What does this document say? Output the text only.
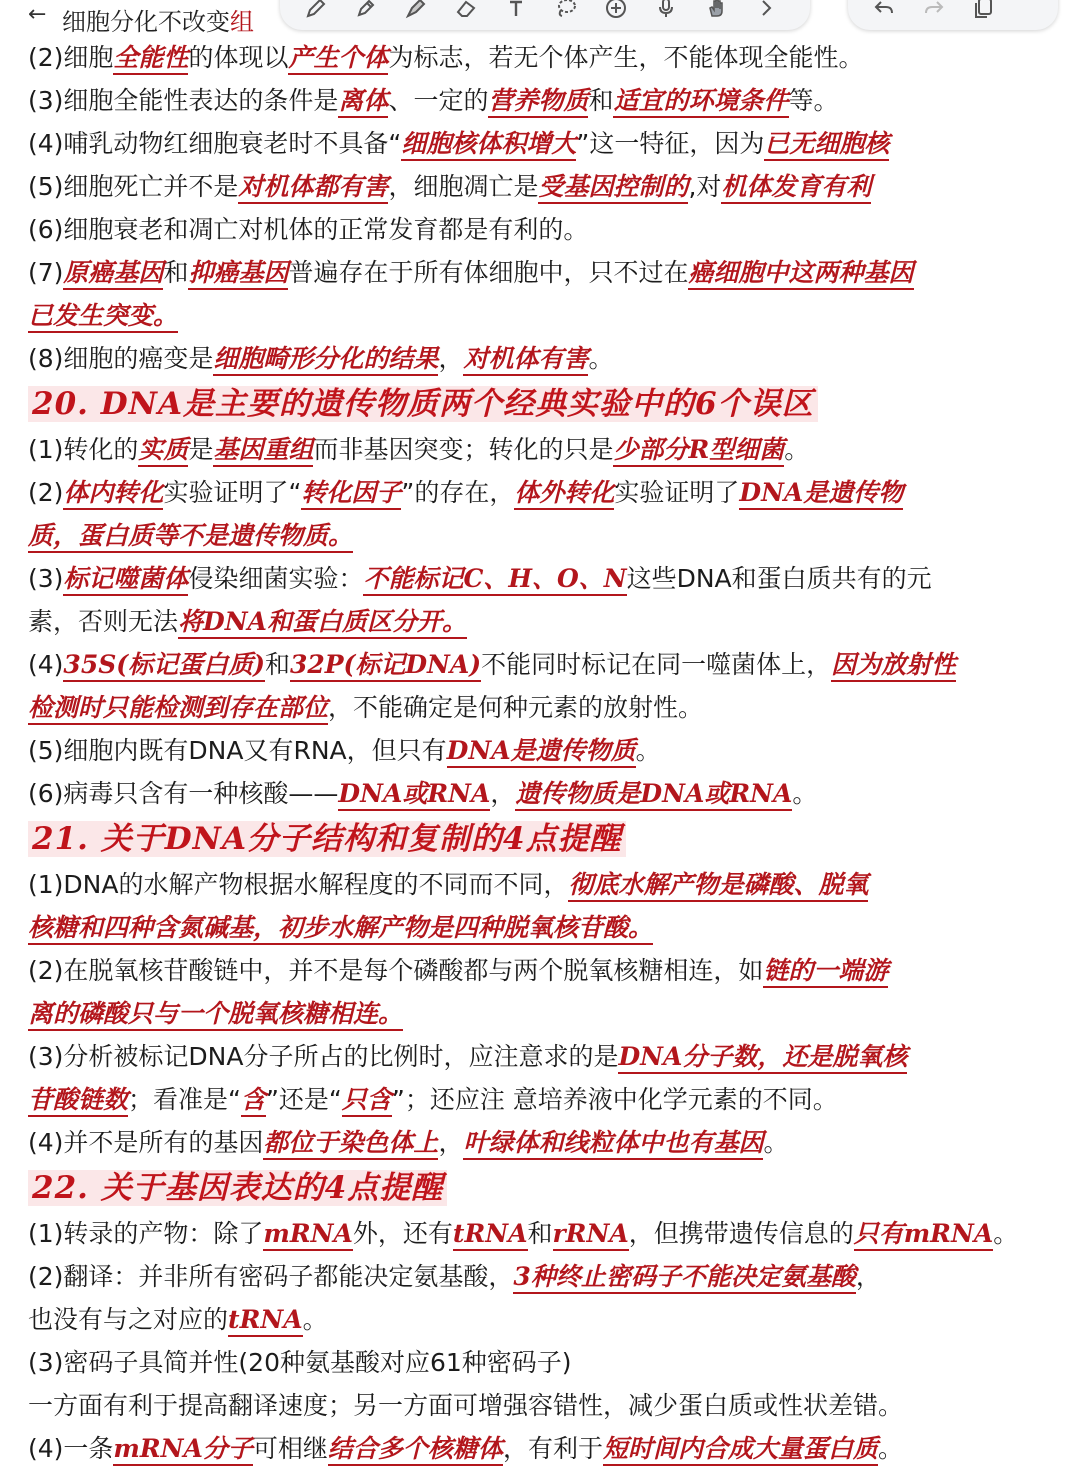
← 细胞分化不改变组
(2)细胞全能性的体现以产生个体为标志，若无个体产生，不能体现全能性。
(3)细胞全能性表达的条件是离体、一定的营养物质和适宜的环境条件等。
(4)哺乳动物红细胞衰老时不具备“细胞核体积增大”这一特征，因为已无细胞核
(5)细胞死亡并不是对机体都有害，细胞凋亡是受基因控制的,对机体发育有利
(6)细胞衰老和凋亡对机体的正常发育都是有利的。
(7)原癌基因和抑癌基因普遍存在于所有体细胞中，只不过在癌细胞中这两种基因
已发生突变。
(8)细胞的癌变是细胞畸形分化的结果，对机体有害。
20. DNA是主要的遗传物质两个经典实验中的6个误区
(1)转化的实质是基因重组而非基因突变；转化的只是少部分R型细菌。
(2)体内转化实验证明了“转化因子”的存在，体外转化实验证明了DNA是遗传物
质，蛋白质等不是遗传物质。
(3)标记噬菌体侵染细菌实验：不能标记C、H、O、N这些DNA和蛋白质共有的元
素，否则无法将DNA和蛋白质区分开。
(4)35S(标记蛋白质)和32P(标记DNA)不能同时标记在同一噬菌体上，因为放射性
检测时只能检测到存在部位，不能确定是何种元素的放射性。
(5)细胞内既有DNA又有RNA，但只有DNA是遗传物质。
(6)病毒只含有一种核酸——DNA或RNA，遗传物质是DNA或RNA。
21. 关于DNA分子结构和复制的4点提醒
(1)DNA的水解产物根据水解程度的不同而不同，彻底水解产物是磷酸、脱氧
核糖和四种含氮碱基，初步水解产物是四种脱氧核苷酸。
(2)在脱氧核苷酸链中，并不是每个磷酸都与两个脱氧核糖相连，如链的一端游
离的磷酸只与一个脱氧核糖相连。
(3)分析被标记DNA分子所占的比例时，应注意求的是DNA分子数，还是脱氧核
苷酸链数；看准是“含”还是“只含”；还应注 意培养液中化学元素的不同。
(4)并不是所有的基因都位于染色体上，叶绿体和线粒体中也有基因。
22. 关于基因表达的4点提醒
(1)转录的产物：除了mRNA外，还有tRNA和rRNA，但携带遗传信息的只有mRNA。
(2)翻译：并非所有密码子都能决定氨基酸，3种终止密码子不能决定氨基酸，
也没有与之对应的tRNA。
(3)密码子具简并性(20种氨基酸对应61种密码子)
一方面有利于提高翻译速度；另一方面可增强容错性，减少蛋白质或性状差错。
(4)一条mRNA分子可相继结合多个核糖体，有利于短时间内合成大量蛋白质。
